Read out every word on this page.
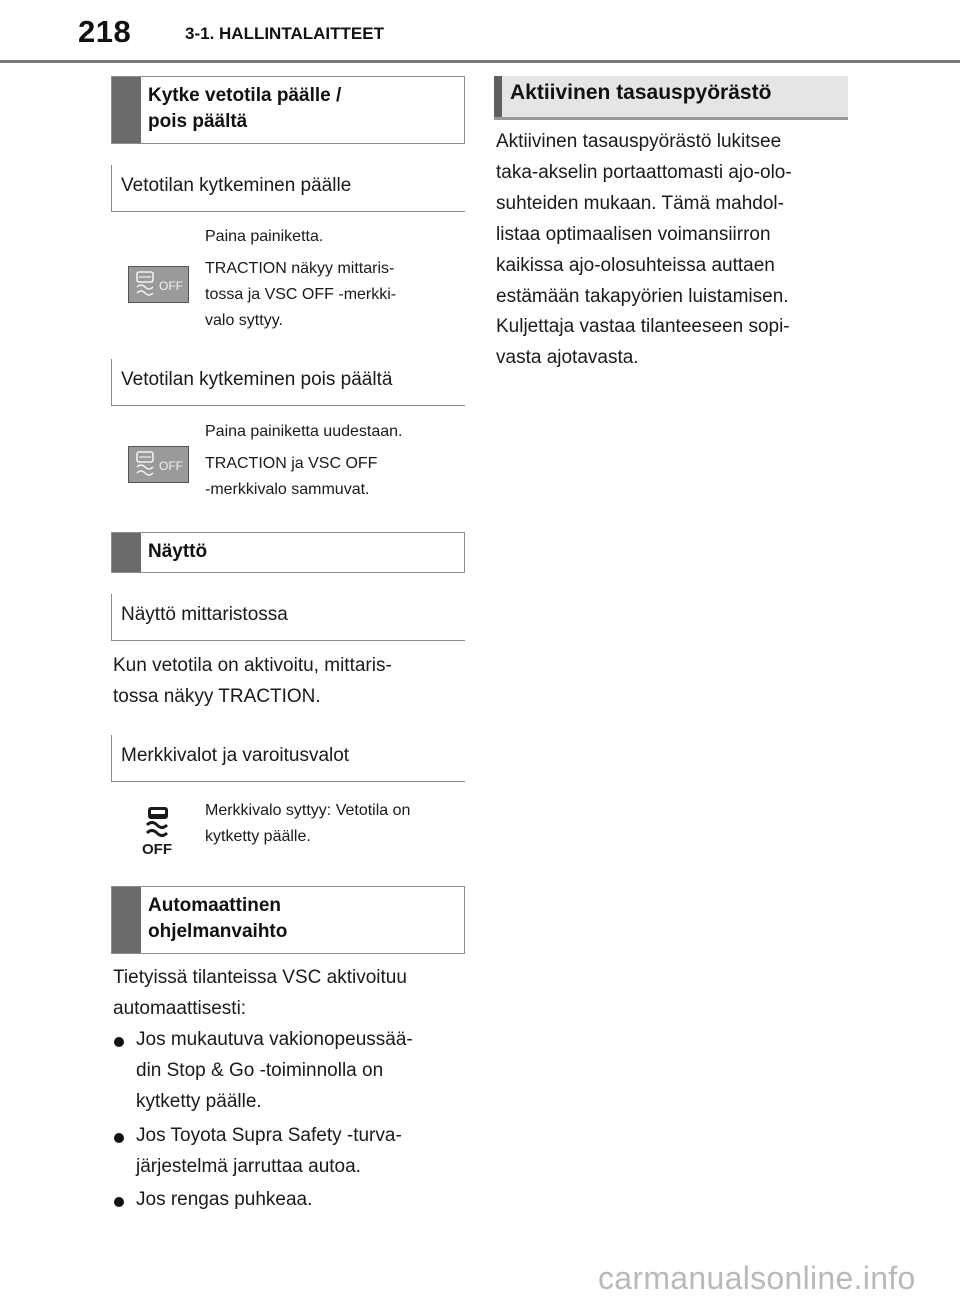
218	3-1. HALLINTALAITTEET
Kytke vetotila päälle /
pois päältä
Vetotilan kytkeminen päälle
OFF
Paina painiketta.
TRACTION näkyy mittaris-
tossa ja VSC OFF -merkki-
valo syttyy.
Vetotilan kytkeminen pois päältä
OFF
Paina painiketta uudestaan.
TRACTION ja VSC OFF
-merkkivalo sammuvat.
Näyttö
Näyttö mittaristossa
Kun vetotila on aktivoitu, mittaris-
tossa näkyy TRACTION.
Merkkivalot ja varoitusvalot
OFF
Merkkivalo syttyy: Vetotila on
kytketty päälle.
Automaattinen
ohjelmanvaihto
Tietyissä tilanteissa VSC aktivoituu
automaattisesti:
Jos mukautuva vakionopeussää-
din Stop & Go -toiminnolla on
kytketty päälle.
Jos Toyota Supra Safety -turva-
järjestelmä jarruttaa autoa.
Jos rengas puhkeaa.
Aktiivinen tasauspyörästö
Aktiivinen tasauspyörästö lukitsee
taka-akselin portaattomasti ajo-olo-
suhteiden mukaan. Tämä mahdol-
listaa optimaalisen voimansiirron
kaikissa ajo-olosuhteissa auttaen
estämään takapyörien luistamisen.
Kuljettaja vastaa tilanteeseen sopi-
vasta ajotavasta.
carmanualsonline.info
